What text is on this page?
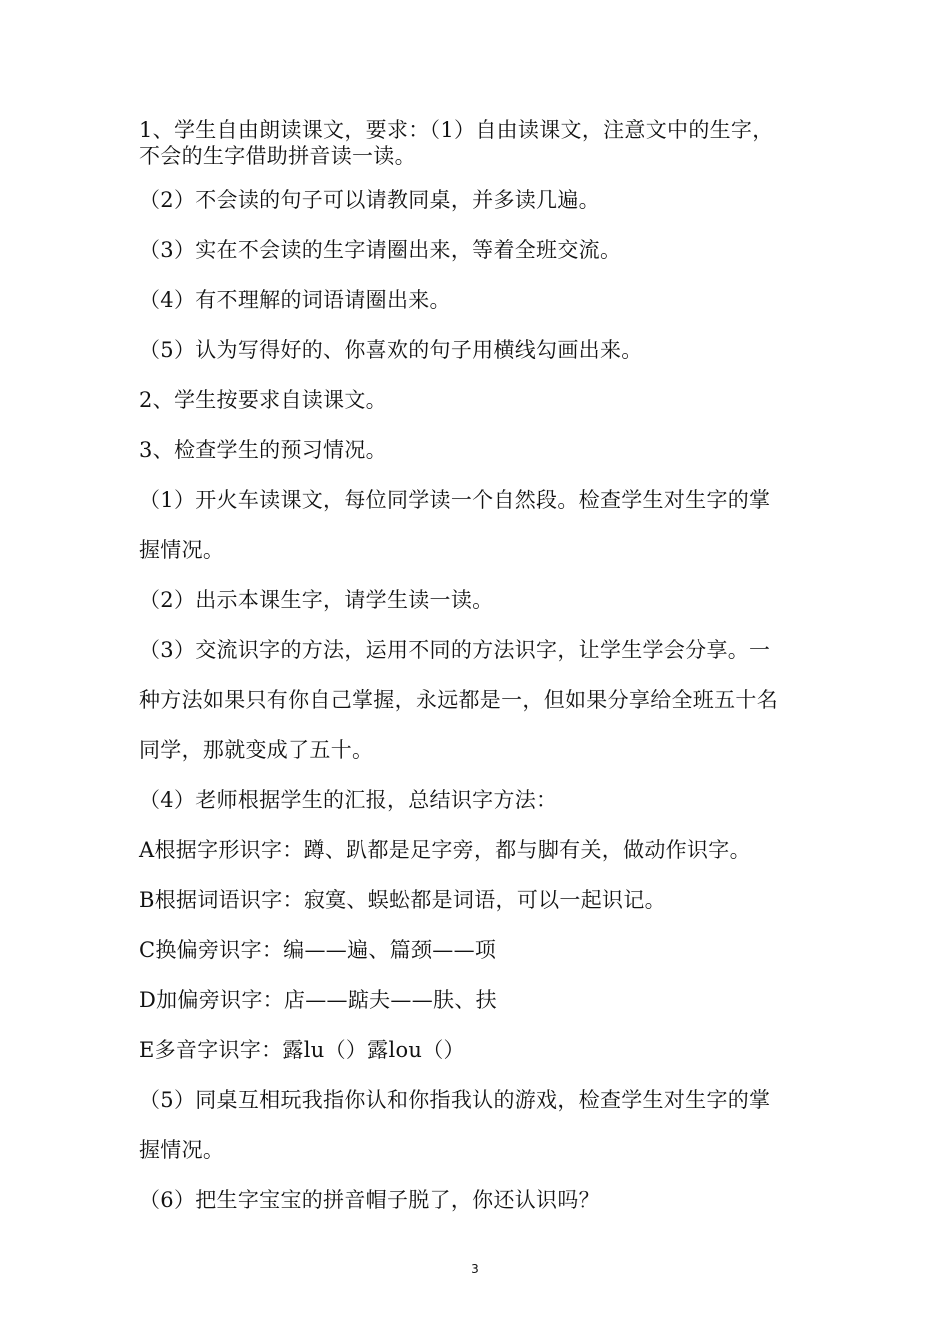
1、学生自由朗读课文，要求：（1）自由读课文，注意文中的生字，
不会的生字借助拼音读一读。
（2）不会读的句子可以请教同桌，并多读几遍。
（3）实在不会读的生字请圈出来，等着全班交流。
（4）有不理解的词语请圈出来。
（5）认为写得好的、你喜欢的句子用横线勾画出来。
2、学生按要求自读课文。
3、检查学生的预习情况。
（1）开火车读课文，每位同学读一个自然段。检查学生对生字的掌
握情况。
（2）出示本课生字，请学生读一读。
（3）交流识字的方法，运用不同的方法识字，让学生学会分享。一
种方法如果只有你自己掌握，永远都是一，但如果分享给全班五十名
同学，那就变成了五十。
（4）老师根据学生的汇报，总结识字方法：
A根据字形识字：蹲、趴都是足字旁，都与脚有关，做动作识字。
B根据词语识字：寂寞、蜈蚣都是词语，可以一起识记。
C换偏旁识字：编——遍、篇颈——项
D加偏旁识字：店——踮夫——肤、扶
E多音字识字：露lu（）露lou（）
（5）同桌互相玩我指你认和你指我认的游戏，检查学生对生字的掌
握情况。
（6）把生字宝宝的拼音帽子脱了，你还认识吗？
3
